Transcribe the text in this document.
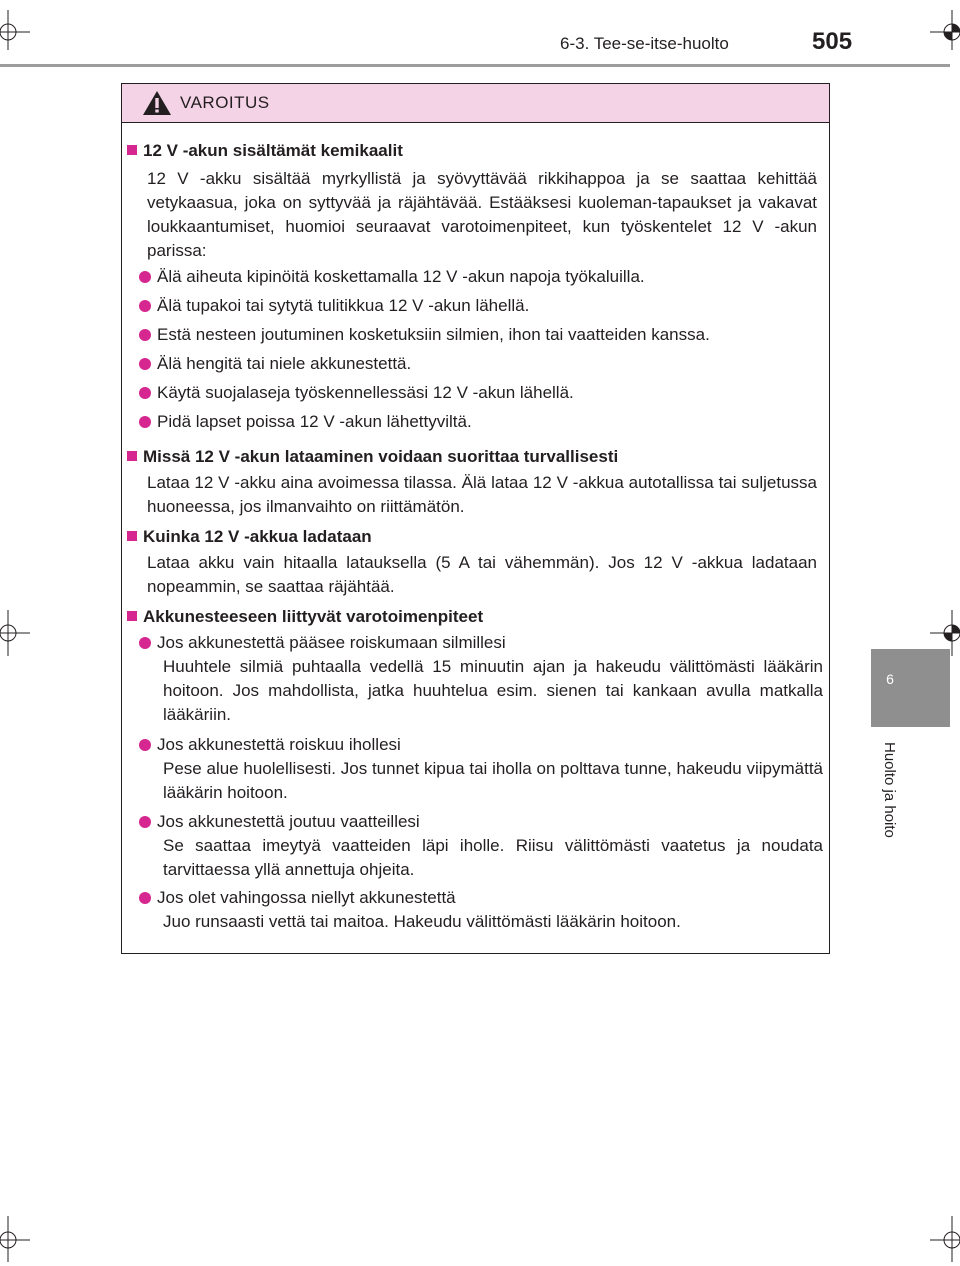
6-3. Tee-se-itse-huolto	505
6
Huolto ja hoito
VAROITUS
12 V -akun sisältämät kemikaalit
12 V -akku sisältää myrkyllistä ja syövyttävää rikkihappoa ja se saattaa kehittää vetykaasua, joka on syttyvää ja räjähtävää. Estääksesi kuoleman-tapaukset ja vakavat loukkaantumiset, huomioi seuraavat varotoimenpiteet, kun työskentelet 12 V -akun parissa:
Älä aiheuta kipinöitä koskettamalla 12 V -akun napoja työkaluilla.
Älä tupakoi tai sytytä tulitikkua 12 V -akun lähellä.
Estä nesteen joutuminen kosketuksiin silmien, ihon tai vaatteiden kanssa.
Älä hengitä tai niele akkunestettä.
Käytä suojalaseja työskennellessäsi 12 V -akun lähellä.
Pidä lapset poissa 12 V -akun lähettyviltä.
Missä 12 V -akun lataaminen voidaan suorittaa turvallisesti
Lataa 12 V -akku aina avoimessa tilassa. Älä lataa 12 V -akkua autotallissa tai suljetussa huoneessa, jos ilmanvaihto on riittämätön.
Kuinka 12 V -akkua ladataan
Lataa akku vain hitaalla latauksella (5 A tai vähemmän). Jos 12 V -akkua ladataan nopeammin, se saattaa räjähtää.
Akkunesteeseen liittyvät varotoimenpiteet
Jos akkunestettä pääsee roiskumaan silmillesi
Huuhtele silmiä puhtaalla vedellä 15 minuutin ajan ja hakeudu välittömästi lääkärin hoitoon. Jos mahdollista, jatka huuhtelua esim. sienen tai kankaan avulla matkalla lääkäriin.
Jos akkunestettä roiskuu ihollesi
Pese alue huolellisesti. Jos tunnet kipua tai iholla on polttava tunne, hakeudu viipymättä lääkärin hoitoon.
Jos akkunestettä joutuu vaatteillesi
Se saattaa imeytyä vaatteiden läpi iholle. Riisu välittömästi vaatetus ja noudata tarvittaessa yllä annettuja ohjeita.
Jos olet vahingossa niellyt akkunestettä
Juo runsaasti vettä tai maitoa. Hakeudu välittömästi lääkärin hoitoon.
